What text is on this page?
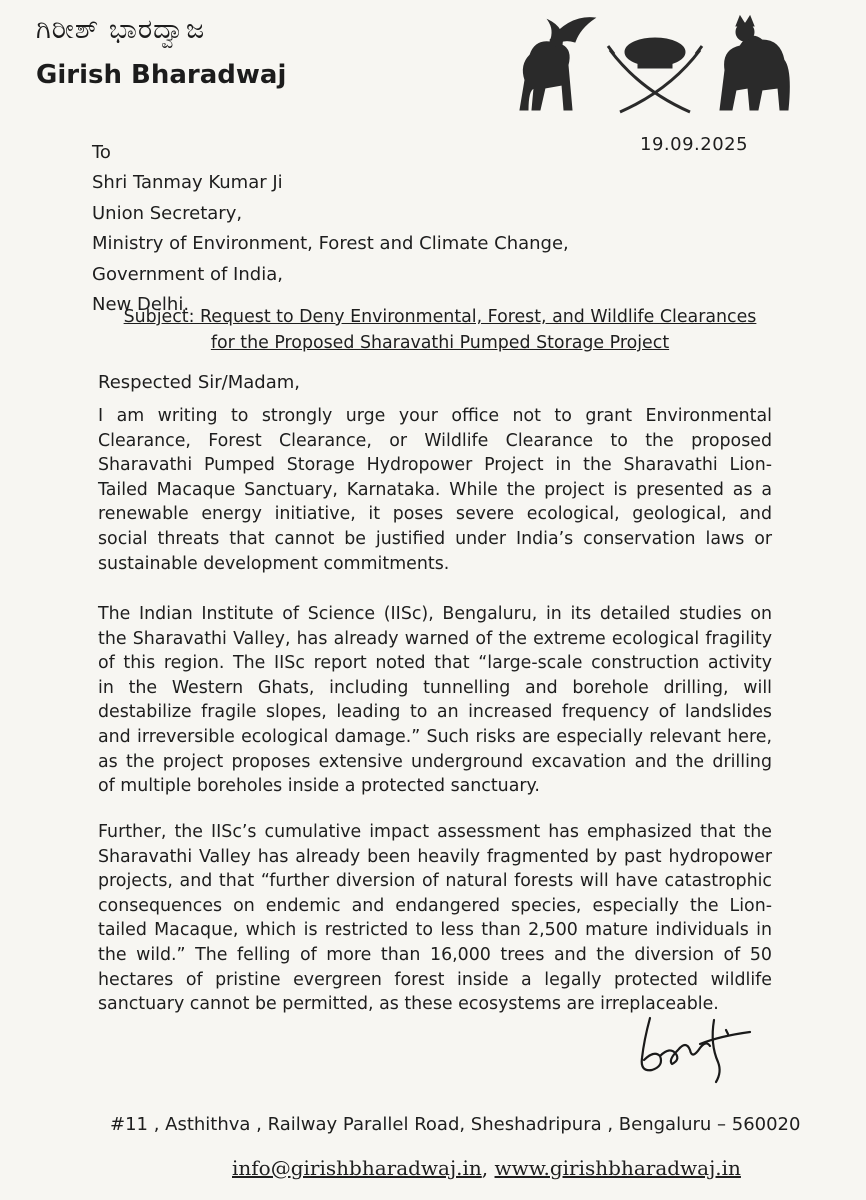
ಗಿರೀಶ್ ಭಾರದ್ವಾಜ
Girish Bharadwaj
19.09.2025
To
Shri Tanmay Kumar Ji
Union Secretary,
Ministry of Environment, Forest and Climate Change,
Government of India,
New Delhi.
Subject: Request to Deny Environmental, Forest, and Wildlife Clearances
for the Proposed Sharavathi Pumped Storage Project
Respected Sir/Madam,
I am writing to strongly urge your office not to grant Environmental
Clearance, Forest Clearance, or Wildlife Clearance to the proposed
Sharavathi Pumped Storage Hydropower Project in the Sharavathi Lion-
Tailed Macaque Sanctuary, Karnataka. While the project is presented as a
renewable energy initiative, it poses severe ecological, geological, and
social threats that cannot be justified under India’s conservation laws or
sustainable development commitments.
The Indian Institute of Science (IISc), Bengaluru, in its detailed studies on
the Sharavathi Valley, has already warned of the extreme ecological fragility
of this region. The IISc report noted that “large-scale construction activity
in the Western Ghats, including tunnelling and borehole drilling, will
destabilize fragile slopes, leading to an increased frequency of landslides
and irreversible ecological damage.” Such risks are especially relevant here,
as the project proposes extensive underground excavation and the drilling
of multiple boreholes inside a protected sanctuary.
Further, the IISc’s cumulative impact assessment has emphasized that the
Sharavathi Valley has already been heavily fragmented by past hydropower
projects, and that “further diversion of natural forests will have catastrophic
consequences on endemic and endangered species, especially the Lion-
tailed Macaque, which is restricted to less than 2,500 mature individuals in
the wild.” The felling of more than 16,000 trees and the diversion of 50
hectares of pristine evergreen forest inside a legally protected wildlife
sanctuary cannot be permitted, as these ecosystems are irreplaceable.
#11 , Asthithva , Railway Parallel Road, Sheshadripura , Bengaluru – 560020
info@girishbharadwaj.in, www.girishbharadwaj.in
